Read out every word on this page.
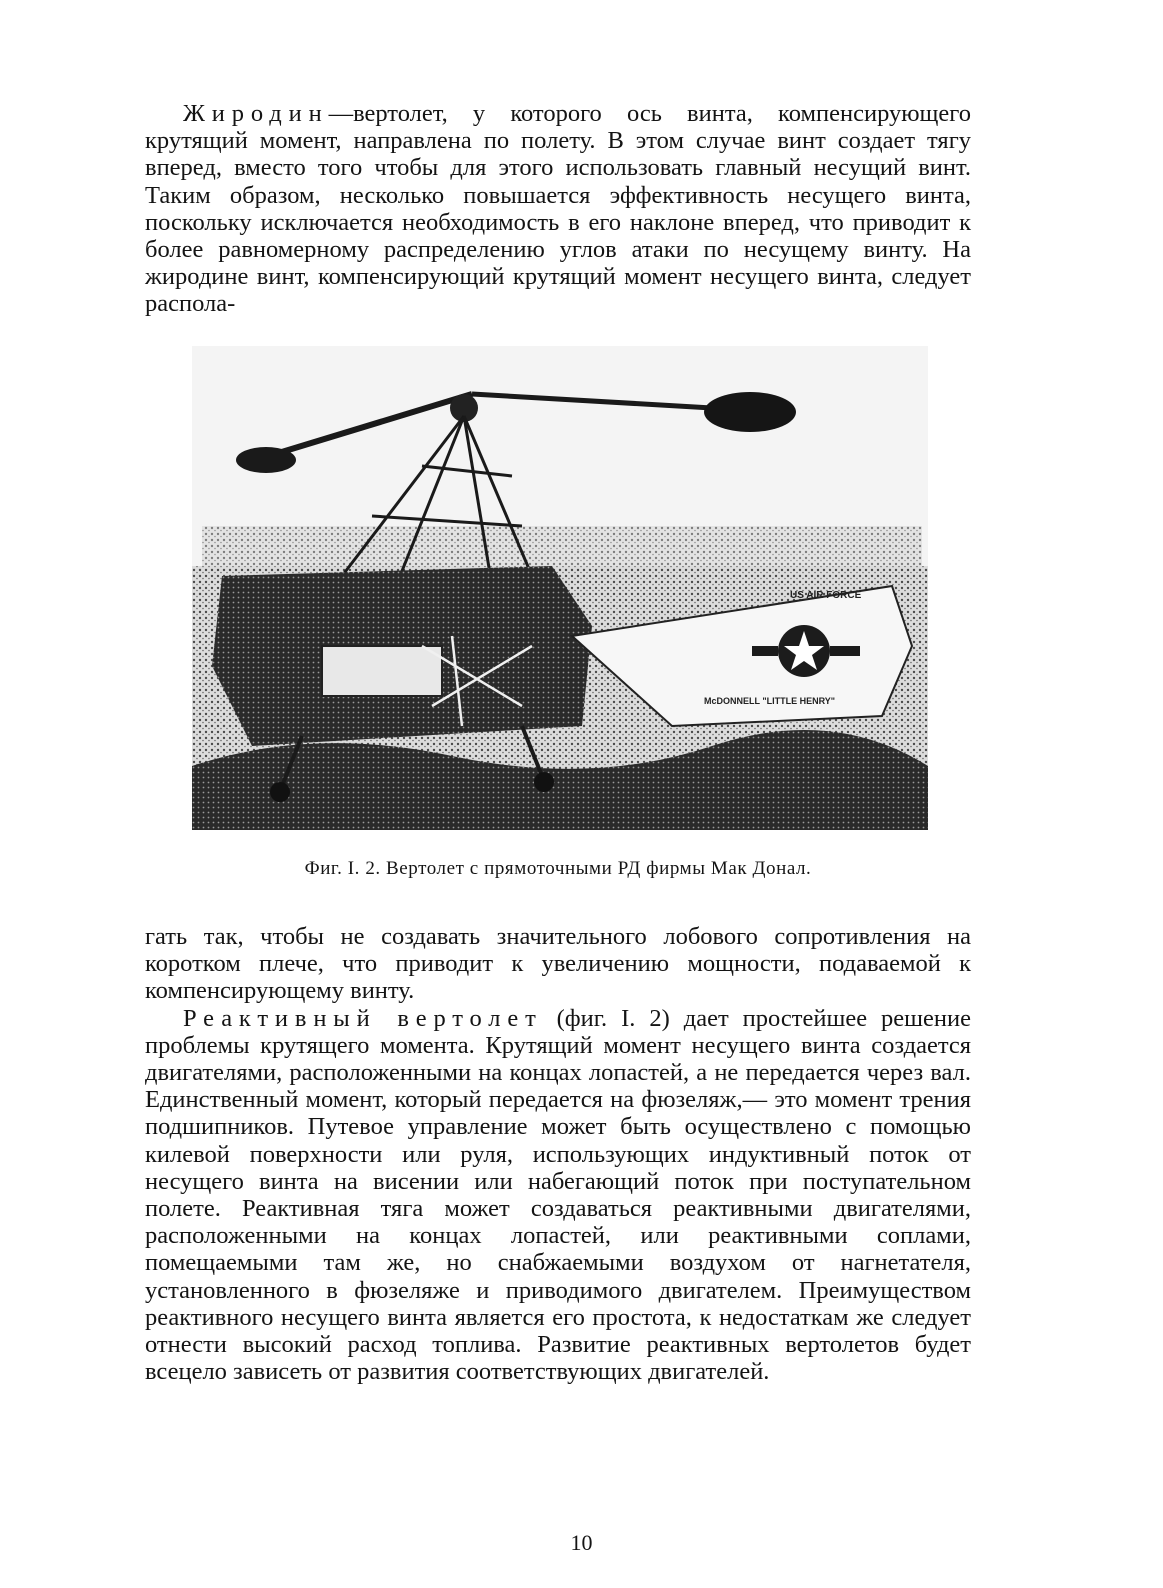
Жиродин—вертолет, у которого ось винта, компенсирующего крутящий момент, направлена по полету. В этом случае винт создает тягу вперед, вместо того чтобы для этого использовать главный несущий винт. Таким образом, несколько повышается эффективность несущего винта, поскольку исключается необходимость в его наклоне вперед, что приводит к более равномерному распределению углов атаки по несущему винту. На жиродине винт, компенсирующий крутящий момент несущего винта, следует распола-

US AIR FORCE
McDONNELL "LITTLE HENRY"
Фиг. I. 2. Вертолет с прямоточными РД фирмы Мак Донал.

гать так, чтобы не создавать значительного лобового сопротивления на коротком плече, что приводит к увеличению мощности, подаваемой к компенсирующему винту.

Реактивный вертолет (фиг. I. 2) дает простейшее решение проблемы крутящего момента. Крутящий момент несущего винта создается двигателями, расположенными на концах лопастей, а не передается через вал. Единственный момент, который передается на фюзеляж,— это момент трения подшипников. Путевое управление может быть осуществлено с помощью килевой поверхности или руля, использующих индуктивный поток от несущего винта на висении или набегающий поток при поступательном полете. Реактивная тяга может создаваться реактивными двигателями, расположенными на концах лопастей, или реактивными соплами, помещаемыми там же, но снабжаемыми воздухом от нагнетателя, установленного в фюзеляже и приводимого двигателем. Преимуществом реактивного несущего винта является его простота, к недостаткам же следует отнести высокий расход топлива. Развитие реактивных вертолетов будет всецело зависеть от развития соответствующих двигателей.

10
